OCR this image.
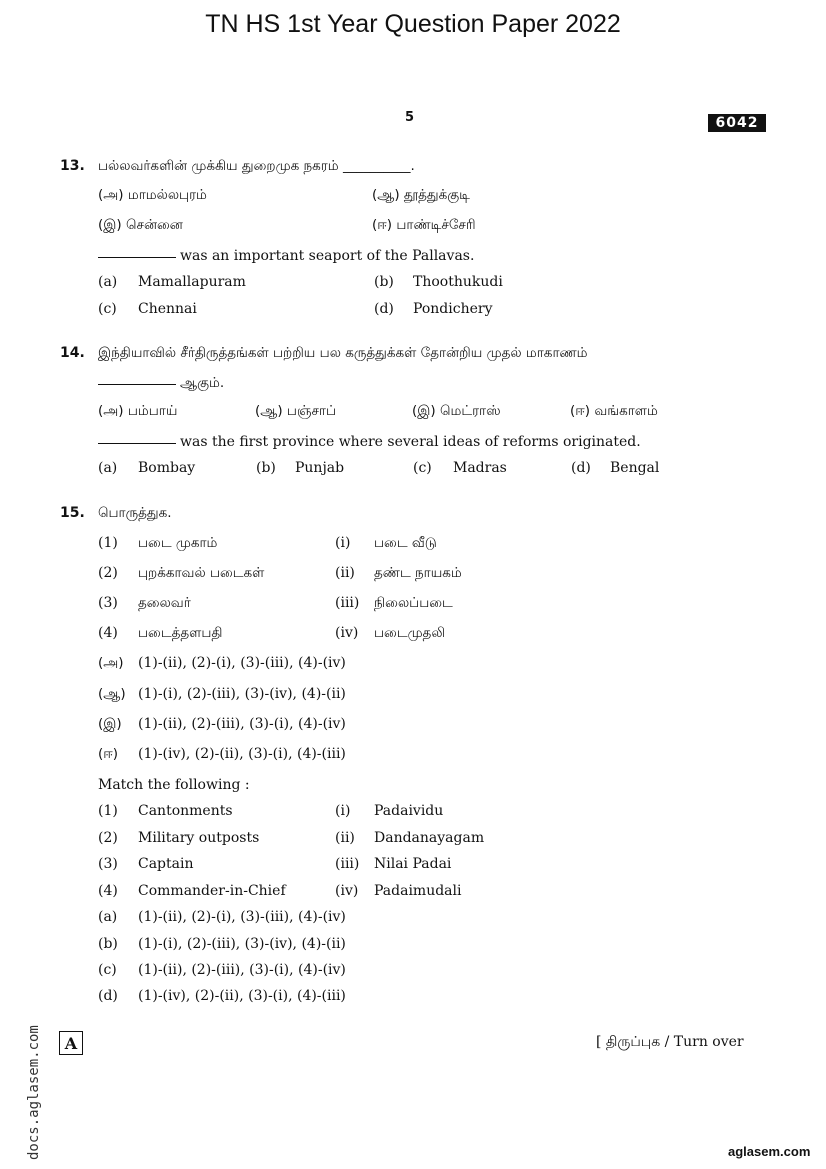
TN HS 1st Year Question Paper 2022
5	6042
13. பல்லவர்களின் முக்கிய துறைமுக நகரம் __________.
(அ) மாமல்லபுரம்	(ஆ) தூத்துக்குடி
(இ) சென்னை	(ஈ) பாண்டிச்சேரி
was an important seaport of the Pallavas.
(a) Mamallapuram	(b) Thoothukudi
(c) Chennai	(d) Pondichery
14. இந்தியாவில் சீர்திருத்தங்கள் பற்றிய பல கருத்துக்கள் தோன்றிய முதல் மாகாணம்
ஆகும்.
(அ) பம்பாய்	(ஆ) பஞ்சாப்	(இ) மெட்ராஸ்	(ஈ) வங்காளம்
was the first province where several ideas of reforms originated.
(a) Bombay	(b) Punjab	(c) Madras	(d) Bengal
15. பொருத்துக.
(1) படை முகாம்	(i) படை வீடு
(2) புறக்காவல் படைகள்	(ii) தண்ட நாயகம்
(3) தலைவர்	(iii) நிலைப்படை
(4) படைத்தளபதி	(iv) படைமுதலி
(அ) (1)-(ii), (2)-(i), (3)-(iii), (4)-(iv)
(ஆ) (1)-(i), (2)-(iii), (3)-(iv), (4)-(ii)
(இ) (1)-(ii), (2)-(iii), (3)-(i), (4)-(iv)
(ஈ) (1)-(iv), (2)-(ii), (3)-(i), (4)-(iii)
Match the following :
(1) Cantonments	(i) Padaividu
(2) Military outposts	(ii) Dandanayagam
(3) Captain	(iii) Nilai Padai
(4) Commander-in-Chief	(iv) Padaimudali
(a) (1)-(ii), (2)-(i), (3)-(iii), (4)-(iv)
(b) (1)-(i), (2)-(iii), (3)-(iv), (4)-(ii)
(c) (1)-(ii), (2)-(iii), (3)-(i), (4)-(iv)
(d) (1)-(iv), (2)-(ii), (3)-(i), (4)-(iii)
A	[ திருப்புக / Turn over
docs.aglasem.com	aglasem.com
